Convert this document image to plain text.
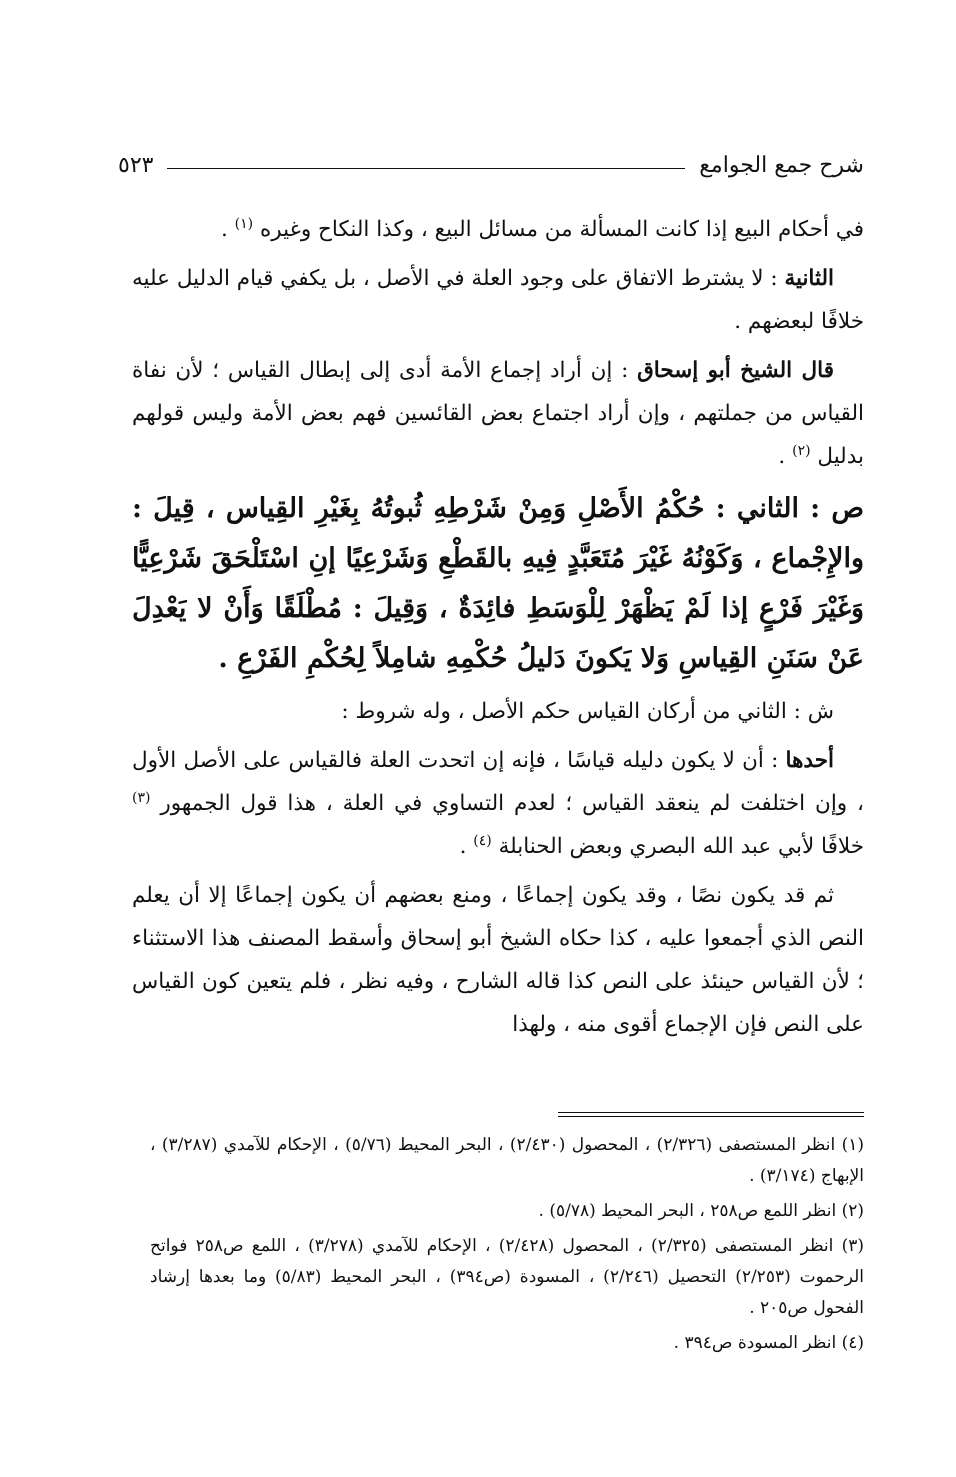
شرح جمع الجوامع
٥٢٣

في أحكام البيع إذا كانت المسألة من مسائل البيع ، وكذا النكاح وغيره $^{(١)}$ .

الثانية : لا يشترط الاتفاق على وجود العلة في الأصل ، بل يكفي قيام الدليل عليه خلافًا لبعضهم .

قال الشيخ أبو إسحاق : إن أراد إجماع الأمة أدى إلى إبطال القياس ؛ لأن نفاة القياس من جملتهم ، وإن أراد اجتماع بعض القائسين فهم بعض الأمة وليس قولهم بدليل $^{(٢)}$ .

ص : الثاني : حُكْمُ الأَصْلِ وَمِنْ شَرْطِهِ ثُبوتُهُ بِغَيْرِ القِياس ، قِيلَ : والإِجْماع ، وَكَوْنُهُ غَيْرَ مُتَعَبَّدٍ فِيهِ بالقَطْعِ وَشَرْعِيًا إنِ اسْتَلْحَقَ شَرْعِيًّا وَغَيْرَ فَرْعٍ إذا لَمْ يَظْهَرْ لِلْوَسَطِ فائِدَةٌ ، وَقِيلَ : مُطْلَقًا وَأَنْ لا يَعْدِلَ عَنْ سَنَنِ القِياسِ وَلا يَكونَ دَليلُ حُكْمِهِ شامِلاً لِحُكْمِ الفَرْعِ .

ش : الثاني من أركان القياس حكم الأصل ، وله شروط :

أحدها : أن لا يكون دليله قياسًا ، فإنه إن اتحدت العلة فالقياس على الأصل الأول ، وإن اختلفت لم ينعقد القياس ؛ لعدم التساوي في العلة ، هذا قول الجمهور $^{(٣)}$ خلافًا لأبي عبد الله البصري وبعض الحنابلة $^{(٤)}$ .

ثم قد يكون نصًا ، وقد يكون إجماعًا ، ومنع بعضهم أن يكون إجماعًا إلا أن يعلم النص الذي أجمعوا عليه ، كذا حكاه الشيخ أبو إسحاق وأسقط المصنف هذا الاستثناء ؛ لأن القياس حينئذ على النص كذا قاله الشارح ، وفيه نظر ، فلم يتعين كون القياس على النص فإن الإجماع أقوى منه ، ولهذا

(١) انظر المستصفى (٢/٣٢٦) ، المحصول (٢/٤٣٠) ، البحر المحيط (٥/٧٦) ، الإحكام للآمدي (٣/٢٨٧) ، الإبهاج (٣/١٧٤) .

(٢) انظر اللمع ص٢٥٨ ، البحر المحيط (٥/٧٨) .

(٣) انظر المستصفى (٢/٣٢٥) ، المحصول (٢/٤٢٨) ، الإحكام للآمدي (٣/٢٧٨) ، اللمع ص٢٥٨ فواتح الرحموت (٢/٢٥٣) التحصيل (٢/٢٤٦) ، المسودة (ص٣٩٤) ، البحر المحيط (٥/٨٣) وما بعدها إرشاد الفحول ص٢٠٥ .

(٤) انظر المسودة ص٣٩٤ .
